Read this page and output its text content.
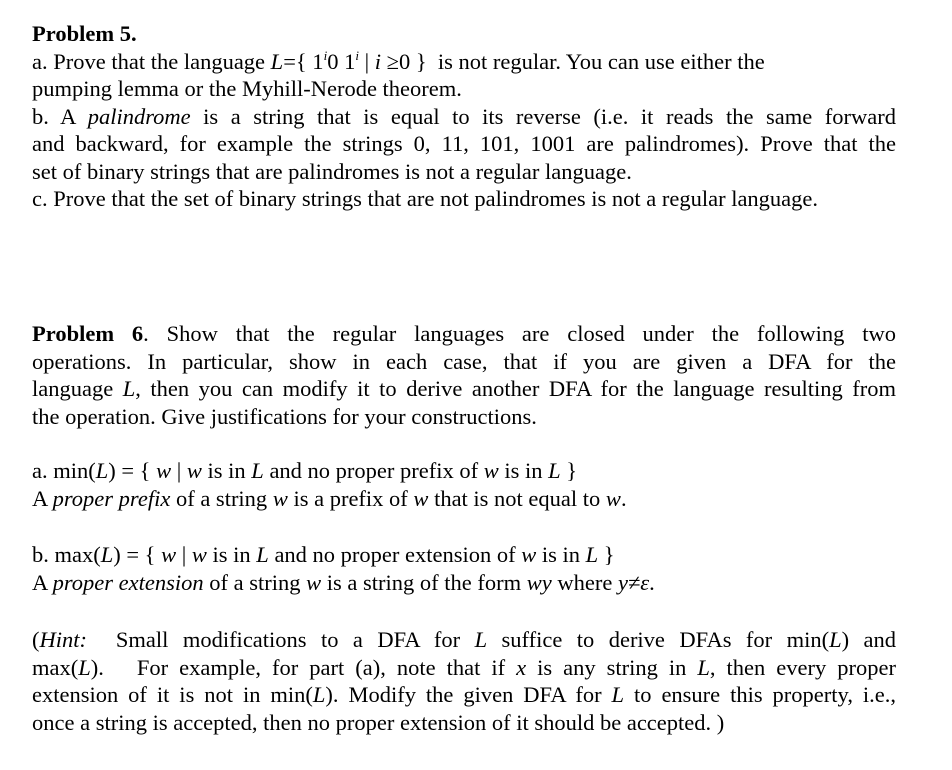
Problem 5.
a. Prove that the language L={ 1$^i$0 1$^i$ | i ≥0 }  is not regular. You can use either the
pumping lemma or the Myhill-Nerode theorem.
b. A palindrome is a string that is equal to its reverse (i.e. it reads the same forward
and backward, for example the strings 0, 11, 101, 1001 are palindromes). Prove that the
set of binary strings that are palindromes is not a regular language.
c. Prove that the set of binary strings that are not palindromes is not a regular language.
Problem 6. Show that the regular languages are closed under the following two
operations. In particular, show in each case, that if you are given a DFA for the
language L, then you can modify it to derive another DFA for the language resulting from
the operation. Give justifications for your constructions.
a. min(L) = { w | w is in L and no proper prefix of w is in L }
A proper prefix of a string w is a prefix of w that is not equal to w.
b. max(L) = { w | w is in L and no proper extension of w is in L }
A proper extension of a string w is a string of the form wy where y≠ε.
(Hint:  Small modifications to a DFA for L suffice to derive DFAs for min(L) and
max(L).   For example, for part (a), note that if x is any string in L, then every proper
extension of it is not in min(L). Modify the given DFA for L to ensure this property, i.e.,
once a string is accepted, then no proper extension of it should be accepted. )
